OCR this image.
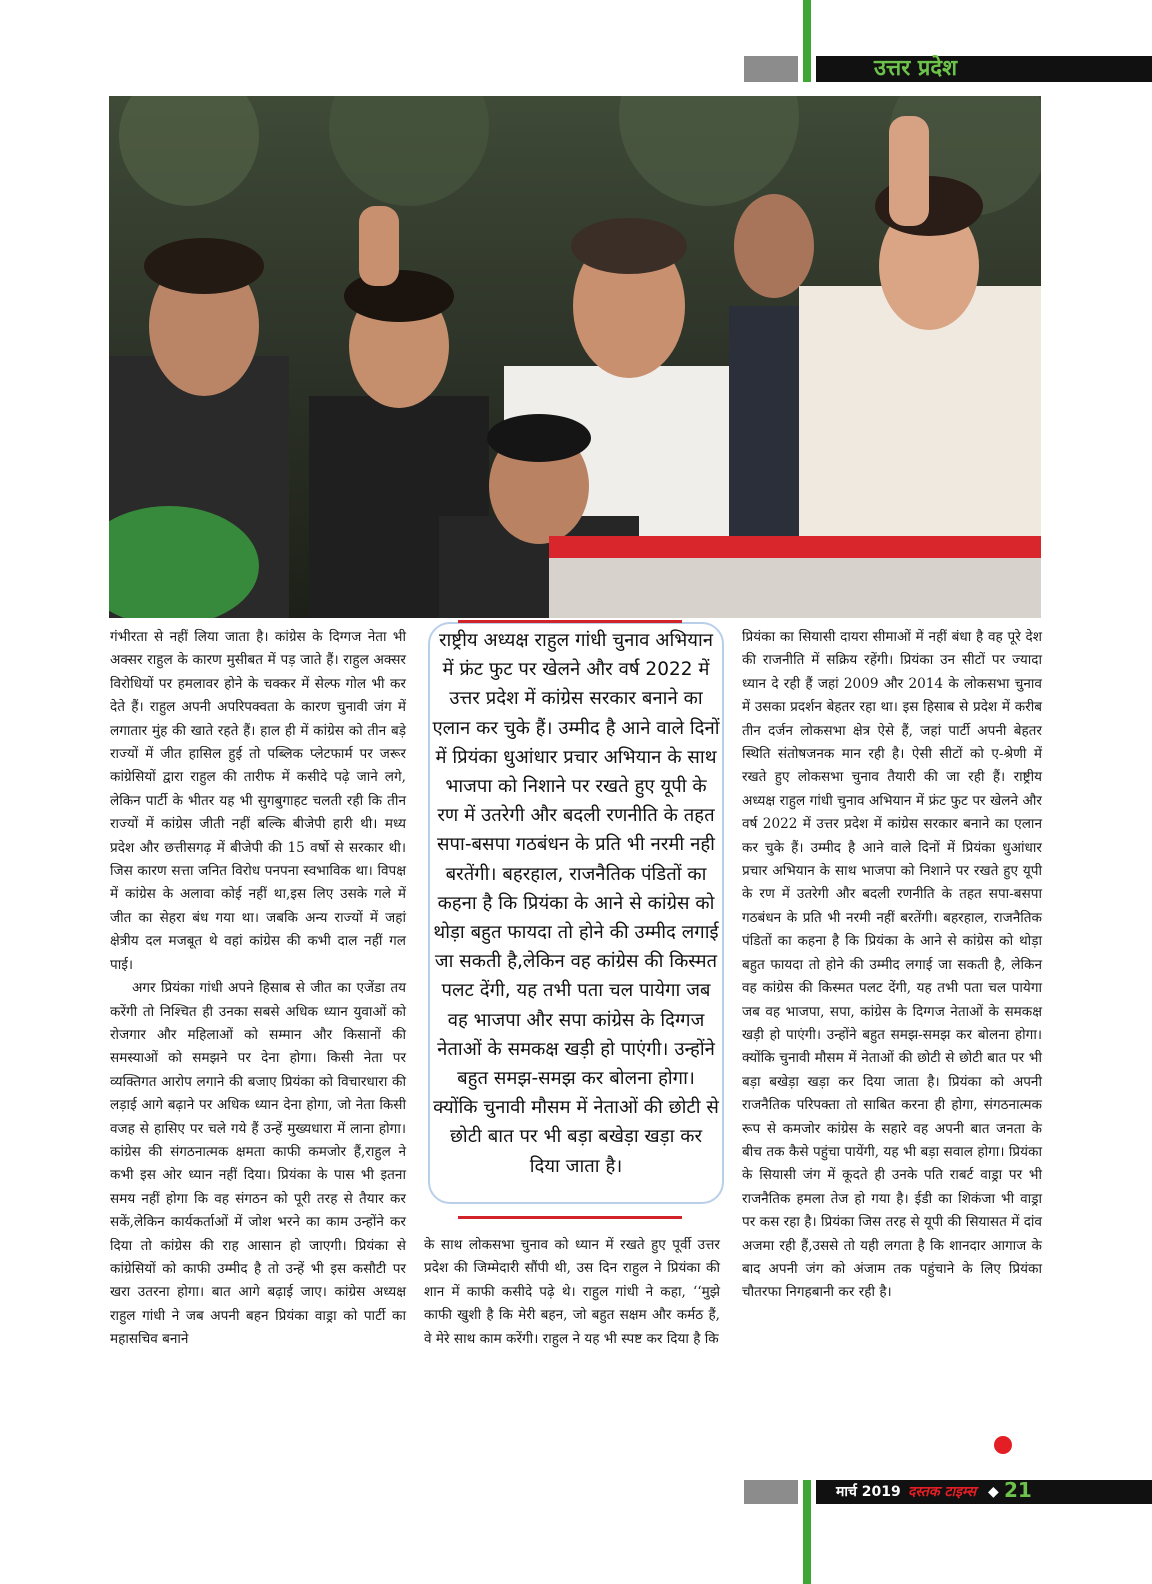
उत्तर प्रदेश

गंभीरता से नहीं लिया जाता है। कांग्रेस के दिग्गज नेता भी अक्सर राहुल के कारण मुसीबत में पड़ जाते हैं। राहुल अक्सर विरोधियों पर हमलावर होने के चक्कर में सेल्फ गोल भी कर देते हैं। राहुल अपनी अपरिपक्वता के कारण चुनावी जंग में लगातार मुंह की खाते रहते हैं। हाल ही में कांग्रेस को तीन बड़े राज्यों में जीत हासिल हुई तो पब्लिक प्लेटफार्म पर जरूर कांग्रेसियों द्वारा राहुल की तारीफ में कसीदे पढ़े जाने लगे, लेकिन पार्टी के भीतर यह भी सुगबुगाहट चलती रही कि तीन राज्यों में कांग्रेस जीती नहीं बल्कि बीजेपी हारी थी। मध्य प्रदेश और छत्तीसगढ़ में बीजेपी की 15 वर्षो से सरकार थी। जिस कारण सत्ता जनित विरोध पनपना स्वभाविक था। विपक्ष में कांग्रेस के अलावा कोई नहीं था,इस लिए उसके गले में जीत का सेहरा बंध गया था। जबकि अन्य राज्यों में जहां क्षेत्रीय दल मजबूत थे वहां कांग्रेस की कभी दाल नहीं गल पाई।

अगर प्रियंका गांधी अपने हिसाब से जीत का एजेंडा तय करेंगी तो निश्चित ही उनका सबसे अधिक ध्यान युवाओं को रोजगार और महिलाओं को सम्मान और किसानों की समस्याओं को समझने पर देना होगा। किसी नेता पर व्यक्तिगत आरोप लगाने की बजाए प्रियंका को विचारधारा की लड़ाई आगे बढ़ाने पर अधिक ध्यान देना होगा, जो नेता किसी वजह से हासिए पर चले गये हैं उन्हें मुख्यधारा में लाना होगा। कांग्रेस की संगठनात्मक क्षमता काफी कमजोर हैं,राहुल ने कभी इस ओर ध्यान नहीं दिया। प्रियंका के पास भी इतना समय नहीं होगा कि वह संगठन को पूरी तरह से तैयार कर सकें,लेकिन कार्यकर्ताओं में जोश भरने का काम उन्होंने कर दिया तो कांग्रेस की राह आसान हो जाएगी। प्रियंका से कांग्रेसियों को काफी उम्मीद है तो उन्हें भी इस कसौटी पर खरा उतरना होगा। बात आगे बढ़ाई जाए। कांग्रेस अध्यक्ष राहुल गांधी ने जब अपनी बहन प्रियंका वाड्रा को पार्टी का महासचिव बनाने

राष्ट्रीय अध्यक्ष राहुल गांधी चुनाव अभियान में फ्रंट फुट पर खेलने और वर्ष 2022 में उत्तर प्रदेश में कांग्रेस सरकार बनाने का एलान कर चुके हैं। उम्मीद है आने वाले दिनों में प्रियंका धुआंधार प्रचार अभियान के साथ भाजपा को निशाने पर रखते हुए यूपी के रण में उतरेगी और बदली रणनीति के तहत सपा-बसपा गठबंधन के प्रति भी नरमी नही बरतेंगी। बहरहाल, राजनैतिक पंडितों का कहना है कि प्रियंका के आने से कांग्रेस को थोड़ा बहुत फायदा तो होने की उम्मीद लगाई जा सकती है,लेकिन वह कांग्रेस की किस्मत पलट देंगी, यह तभी पता चल पायेगा जब वह भाजपा और सपा कांग्रेस के दिग्गज नेताओं के समकक्ष खड़ी हो पाएंगी। उन्होंने बहुत समझ-समझ कर बोलना होगा। क्योंकि चुनावी मौसम में नेताओं की छोटी से छोटी बात पर भी बड़ा बखेड़ा खड़ा कर दिया जाता है।

के साथ लोकसभा चुनाव को ध्यान में रखते हुए पूर्वी उत्तर प्रदेश की जिम्मेदारी सौंपी थी, उस दिन राहुल ने प्रियंका की शान में काफी कसीदे पढ़े थे। राहुल गांधी ने कहा, ‘‘मुझे काफी खुशी है कि मेरी बहन, जो बहुत सक्षम और कर्मठ हैं, वे मेरे साथ काम करेंगी। राहुल ने यह भी स्पष्ट कर दिया है कि

प्रियंका का सियासी दायरा सीमाओं में नहीं बंधा है वह पूरे देश की राजनीति में सक्रिय रहेंगी। प्रियंका उन सीटों पर ज्यादा ध्यान दे रही हैं जहां 2009 और 2014 के लोकसभा चुनाव में उसका प्रदर्शन बेहतर रहा था। इस हिसाब से प्रदेश में करीब तीन दर्जन लोकसभा क्षेत्र ऐसे हैं, जहां पार्टी अपनी बेहतर स्थिति संतोषजनक मान रही है। ऐसी सीटों को ए-श्रेणी में रखते हुए लोकसभा चुनाव तैयारी की जा रही हैं। राष्ट्रीय अध्यक्ष राहुल गांधी चुनाव अभियान में फ्रंट फुट पर खेलने और वर्ष 2022 में उत्तर प्रदेश में कांग्रेस सरकार बनाने का एलान कर चुके हैं। उम्मीद है आने वाले दिनों में प्रियंका धुआंधार प्रचार अभियान के साथ भाजपा को निशाने पर रखते हुए यूपी के रण में उतरेगी और बदली रणनीति के तहत सपा-बसपा गठबंधन के प्रति भी नरमी नहीं बरतेंगी। बहरहाल, राजनैतिक पंडितों का कहना है कि प्रियंका के आने से कांग्रेस को थोड़ा बहुत फायदा तो होने की उम्मीद लगाई जा सकती है, लेकिन वह कांग्रेस की किस्मत पलट देंगी, यह तभी पता चल पायेगा जब वह भाजपा, सपा, कांग्रेस के दिग्गज नेताओं के समकक्ष खड़ी हो पाएंगी। उन्होंने बहुत समझ-समझ कर बोलना होगा। क्योंकि चुनावी मौसम में नेताओं की छोटी से छोटी बात पर भी बड़ा बखेड़ा खड़ा कर दिया जाता है। प्रियंका को अपनी राजनैतिक परिपक्ता तो साबित करना ही होगा, संगठनात्मक रूप से कमजोर कांग्रेस के सहारे वह अपनी बात जनता के बीच तक कैसे पहुंचा पायेंगी, यह भी बड़ा सवाल होगा। प्रियंका के सियासी जंग में कूदते ही उनके पति राबर्ट वाड्रा पर भी राजनैतिक हमला तेज हो गया है। ईडी का शिकंजा भी वाड्रा पर कस रहा है। प्रियंका जिस तरह से यूपी की सियासत में दांव अजमा रही हैं,उससे तो यही लगता है कि शानदार आगाज के बाद अपनी जंग को अंजाम तक पहुंचाने के लिए प्रियंका चौतरफा निगहबानी कर रही है।

मार्च 2019 दस्तक टाइम्स ◆ 21
